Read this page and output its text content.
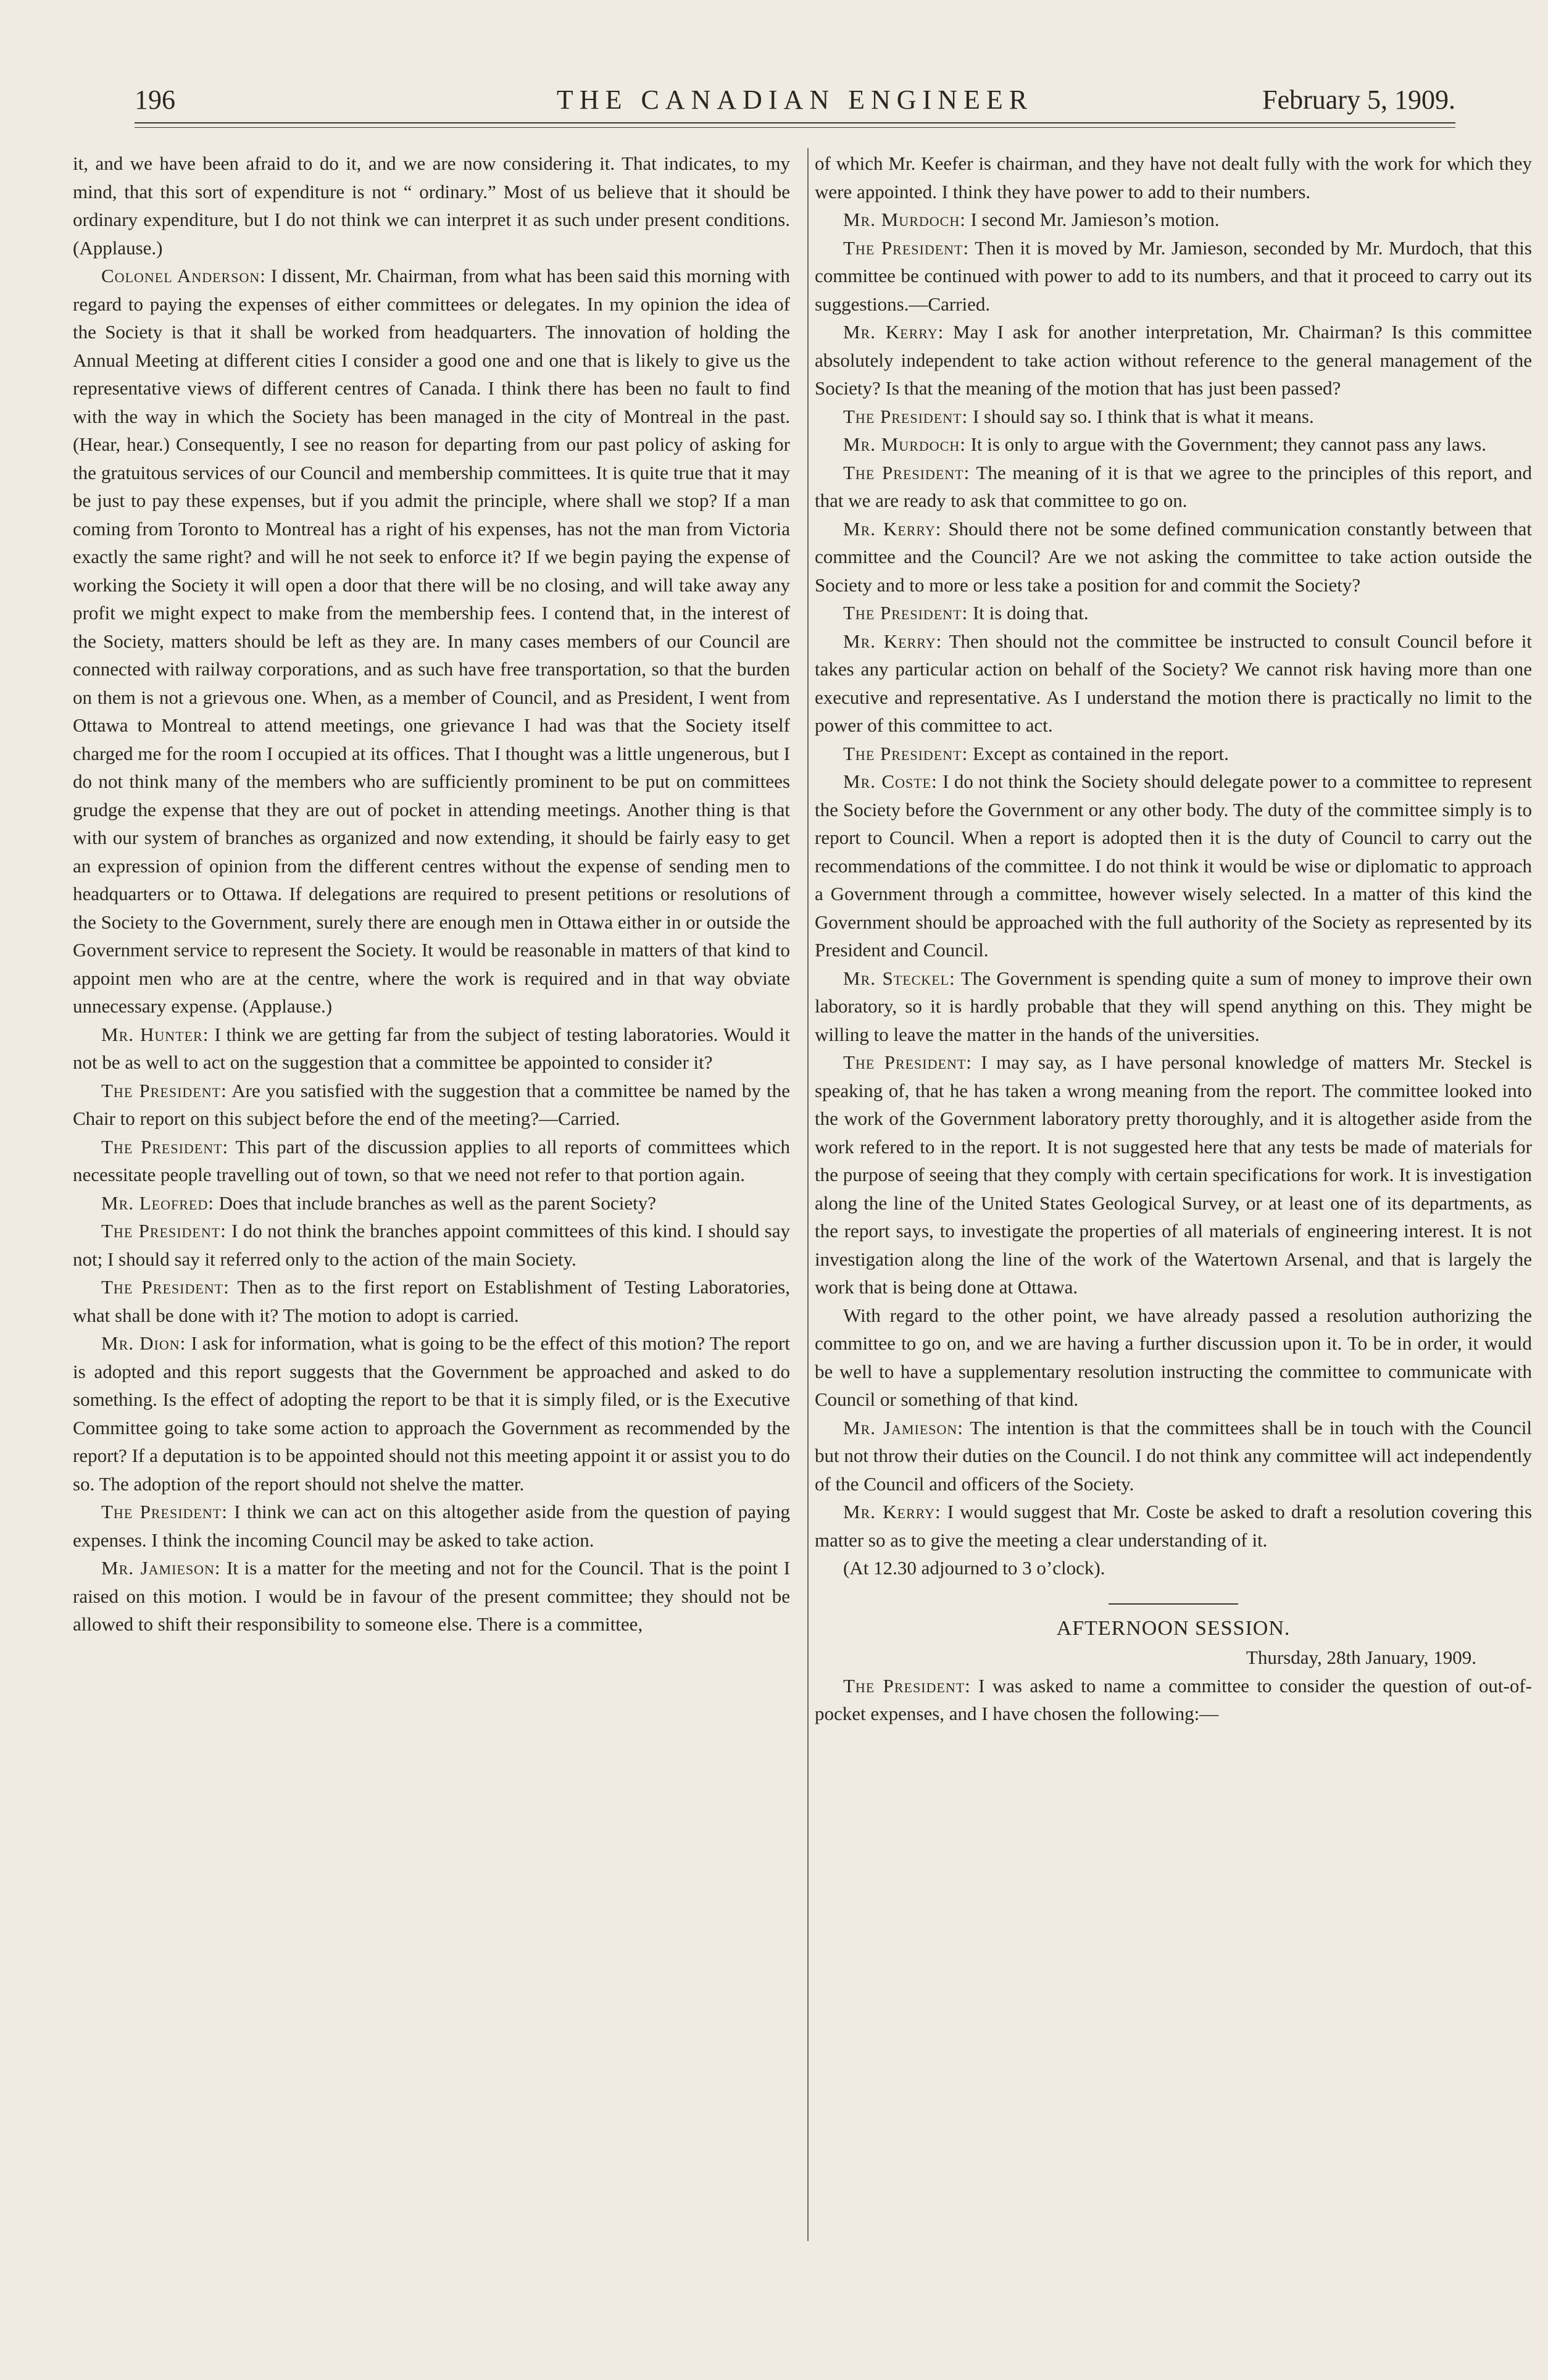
196	THE CANADIAN ENGINEER	February 5, 1909.

it, and we have been afraid to do it, and we are now considering it. That indicates, to my mind, that this sort of expenditure is not “ ordinary.” Most of us believe that it should be ordinary expenditure, but I do not think we can interpret it as such under present conditions. (Applause.)

Colonel Anderson: I dissent, Mr. Chairman, from what has been said this morning with regard to paying the expenses of either committees or delegates. In my opinion the idea of the Society is that it shall be worked from headquarters. The innovation of holding the Annual Meeting at different cities I consider a good one and one that is likely to give us the representative views of different centres of Canada. I think there has been no fault to find with the way in which the Society has been managed in the city of Montreal in the past. (Hear, hear.) Consequently, I see no reason for departing from our past policy of asking for the gratuitous services of our Council and membership committees. It is quite true that it may be just to pay these expenses, but if you admit the principle, where shall we stop? If a man coming from Toronto to Montreal has a right of his expenses, has not the man from Victoria exactly the same right? and will he not seek to enforce it? If we begin paying the expense of working the Society it will open a door that there will be no closing, and will take away any profit we might expect to make from the membership fees. I contend that, in the interest of the Society, matters should be left as they are. In many cases members of our Council are connected with railway corporations, and as such have free transportation, so that the burden on them is not a grievous one. When, as a member of Council, and as President, I went from Ottawa to Montreal to attend meetings, one grievance I had was that the Society itself charged me for the room I occupied at its offices. That I thought was a little ungenerous, but I do not think many of the members who are sufficiently prominent to be put on committees grudge the expense that they are out of pocket in attending meetings. Another thing is that with our system of branches as organized and now extending, it should be fairly easy to get an expression of opinion from the different centres without the expense of sending men to headquarters or to Ottawa. If delegations are required to present petitions or resolutions of the Society to the Government, surely there are enough men in Ottawa either in or outside the Government service to represent the Society. It would be reasonable in matters of that kind to appoint men who are at the centre, where the work is required and in that way obviate unnecessary expense. (Applause.)

Mr. Hunter: I think we are getting far from the subject of testing laboratories. Would it not be as well to act on the suggestion that a committee be appointed to consider it?

The President: Are you satisfied with the suggestion that a committee be named by the Chair to report on this subject before the end of the meeting?—Carried.

The President: This part of the discussion applies to all reports of committees which necessitate people travelling out of town, so that we need not refer to that portion again.

Mr. Leofred: Does that include branches as well as the parent Society?

The President: I do not think the branches appoint committees of this kind. I should say not; I should say it referred only to the action of the main Society.

The President: Then as to the first report on Establishment of Testing Laboratories, what shall be done with it? The motion to adopt is carried.

Mr. Dion: I ask for information, what is going to be the effect of this motion? The report is adopted and this report suggests that the Government be approached and asked to do something. Is the effect of adopting the report to be that it is simply filed, or is the Executive Committee going to take some action to approach the Government as recommended by the report? If a deputation is to be appointed should not this meeting appoint it or assist you to do so. The adoption of the report should not shelve the matter.

The President: I think we can act on this altogether aside from the question of paying expenses. I think the incoming Council may be asked to take action.

Mr. Jamieson: It is a matter for the meeting and not for the Council. That is the point I raised on this motion. I would be in favour of the present committee; they should not be allowed to shift their responsibility to someone else. There is a committee,

of which Mr. Keefer is chairman, and they have not dealt fully with the work for which they were appointed. I think they have power to add to their numbers.

Mr. Murdoch: I second Mr. Jamieson’s motion.

The President: Then it is moved by Mr. Jamieson, seconded by Mr. Murdoch, that this committee be continued with power to add to its numbers, and that it proceed to carry out its suggestions.—Carried.

Mr. Kerry: May I ask for another interpretation, Mr. Chairman? Is this committee absolutely independent to take action without reference to the general management of the Society? Is that the meaning of the motion that has just been passed?

The President: I should say so. I think that is what it means.

Mr. Murdoch: It is only to argue with the Government; they cannot pass any laws.

The President: The meaning of it is that we agree to the principles of this report, and that we are ready to ask that committee to go on.

Mr. Kerry: Should there not be some defined communication constantly between that committee and the Council? Are we not asking the committee to take action outside the Society and to more or less take a position for and commit the Society?

The President: It is doing that.

Mr. Kerry: Then should not the committee be instructed to consult Council before it takes any particular action on behalf of the Society? We cannot risk having more than one executive and representative. As I understand the motion there is practically no limit to the power of this committee to act.

The President: Except as contained in the report.

Mr. Coste: I do not think the Society should delegate power to a committee to represent the Society before the Government or any other body. The duty of the committee simply is to report to Council. When a report is adopted then it is the duty of Council to carry out the recommendations of the committee. I do not think it would be wise or diplomatic to approach a Government through a committee, however wisely selected. In a matter of this kind the Government should be approached with the full authority of the Society as represented by its President and Council.

Mr. Steckel: The Government is spending quite a sum of money to improve their own laboratory, so it is hardly probable that they will spend anything on this. They might be willing to leave the matter in the hands of the universities.

The President: I may say, as I have personal knowledge of matters Mr. Steckel is speaking of, that he has taken a wrong meaning from the report. The committee looked into the work of the Government laboratory pretty thoroughly, and it is altogether aside from the work refered to in the report. It is not suggested here that any tests be made of materials for the purpose of seeing that they comply with certain specifications for work. It is investigation along the line of the United States Geological Survey, or at least one of its departments, as the report says, to investigate the properties of all materials of engineering interest. It is not investigation along the line of the work of the Watertown Arsenal, and that is largely the work that is being done at Ottawa.

With regard to the other point, we have already passed a resolution authorizing the committee to go on, and we are having a further discussion upon it. To be in order, it would be well to have a supplementary resolution instructing the committee to communicate with Council or something of that kind.

Mr. Jamieson: The intention is that the committees shall be in touch with the Council but not throw their duties on the Council. I do not think any committee will act independently of the Council and officers of the Society.

Mr. Kerry: I would suggest that Mr. Coste be asked to draft a resolution covering this matter so as to give the meeting a clear understanding of it.

(At 12.30 adjourned to 3 o’clock).

AFTERNOON SESSION.

Thursday, 28th January, 1909.

The President: I was asked to name a committee to consider the question of out-of-pocket expenses, and I have chosen the following:—
